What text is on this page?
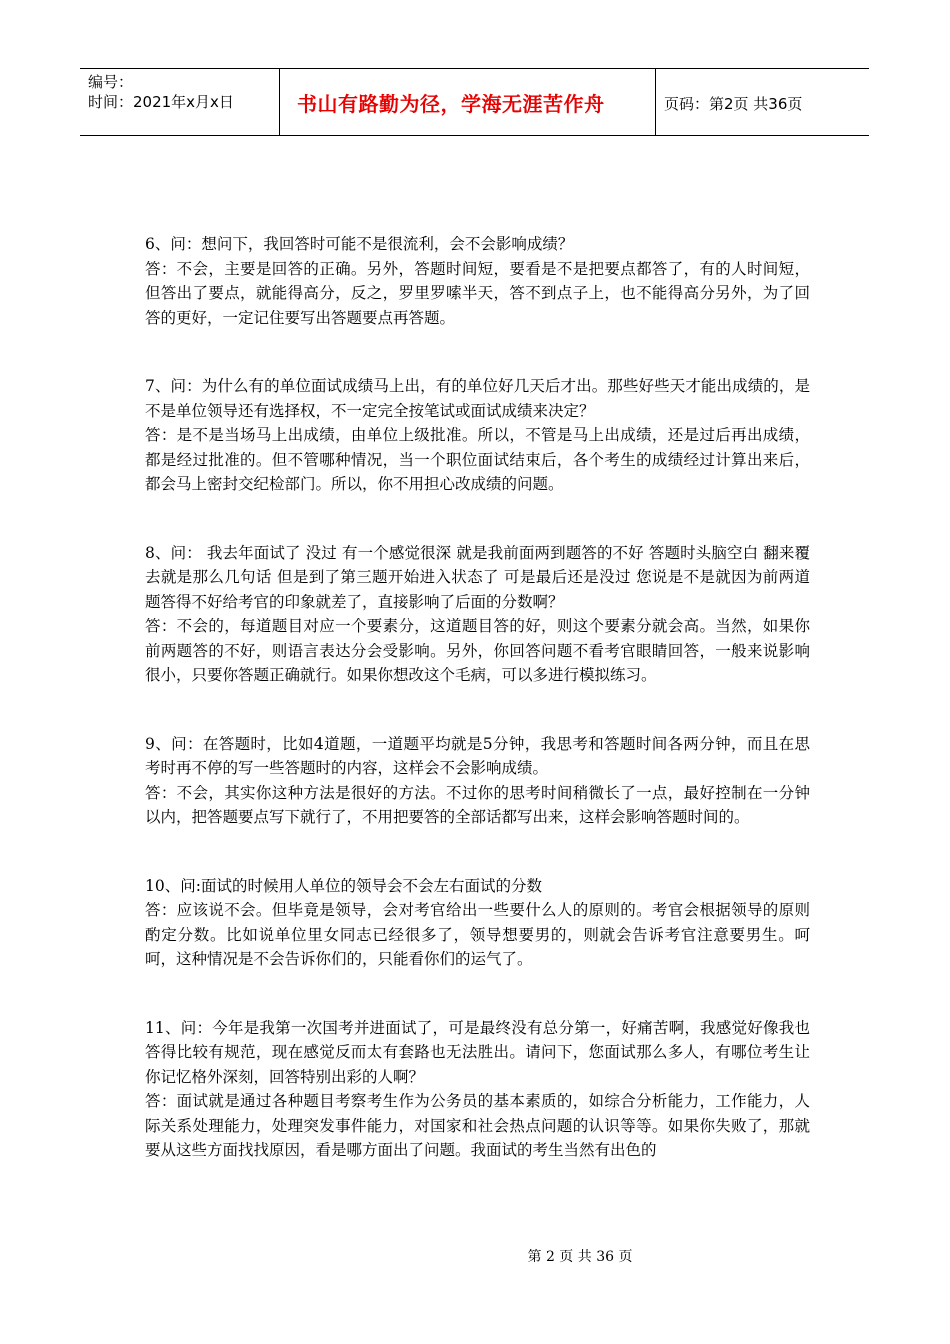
编号：
时间：2021年x月x日	书山有路勤为径，学海无涯苦作舟	页码：第2页 共36页

6、问：想问下，我回答时可能不是很流利，会不会影响成绩？

答：不会，主要是回答的正确。另外，答题时间短，要看是不是把要点都答了，有的人时间短，但答出了要点，就能得高分，反之，罗里罗嗦半天，答不到点子上，也不能得高分另外，为了回答的更好，一定记住要写出答题要点再答题。

7、问：为什么有的单位面试成绩马上出，有的单位好几天后才出。那些好些天才能出成绩的，是不是单位领导还有选择权，不一定完全按笔试或面试成绩来决定？

答：是不是当场马上出成绩，由单位上级批准。所以，不管是马上出成绩，还是过后再出成绩，都是经过批准的。但不管哪种情况，当一个职位面试结束后，各个考生的成绩经过计算出来后，都会马上密封交纪检部门。所以，你不用担心改成绩的问题。

8、问： 我去年面试了 没过 有一个感觉很深 就是我前面两到题答的不好 答题时头脑空白 翻来覆去就是那么几句话 但是到了第三题开始进入状态了 可是最后还是没过 您说是不是就因为前两道题答得不好给考官的印象就差了，直接影响了后面的分数啊？

答：不会的，每道题目对应一个要素分，这道题目答的好，则这个要素分就会高。当然，如果你前两题答的不好，则语言表达分会受影响。另外，你回答问题不看考官眼睛回答，一般来说影响很小，只要你答题正确就行。如果你想改这个毛病，可以多进行模拟练习。

9、问：在答题时，比如4道题，一道题平均就是5分钟，我思考和答题时间各两分钟，而且在思考时再不停的写一些答题时的内容，这样会不会影响成绩。

答：不会，其实你这种方法是很好的方法。不过你的思考时间稍微长了一点，最好控制在一分钟以内，把答题要点写下就行了，不用把要答的全部话都写出来，这样会影响答题时间的。

10、问:面试的时候用人单位的领导会不会左右面试的分数

答：应该说不会。但毕竟是领导，会对考官给出一些要什么人的原则的。考官会根据领导的原则酌定分数。比如说单位里女同志已经很多了，领导想要男的，则就会告诉考官注意要男生。呵呵，这种情况是不会告诉你们的，只能看你们的运气了。

11、问：今年是我第一次国考并进面试了，可是最终没有总分第一，好痛苦啊，我感觉好像我也答得比较有规范，现在感觉反而太有套路也无法胜出。请问下，您面试那么多人，有哪位考生让你记忆格外深刻，回答特别出彩的人啊？

答：面试就是通过各种题目考察考生作为公务员的基本素质的，如综合分析能力，工作能力，人际关系处理能力，处理突发事件能力，对国家和社会热点问题的认识等等。如果你失败了，那就要从这些方面找找原因，看是哪方面出了问题。我面试的考生当然有出色的

第 2 页 共 36 页
